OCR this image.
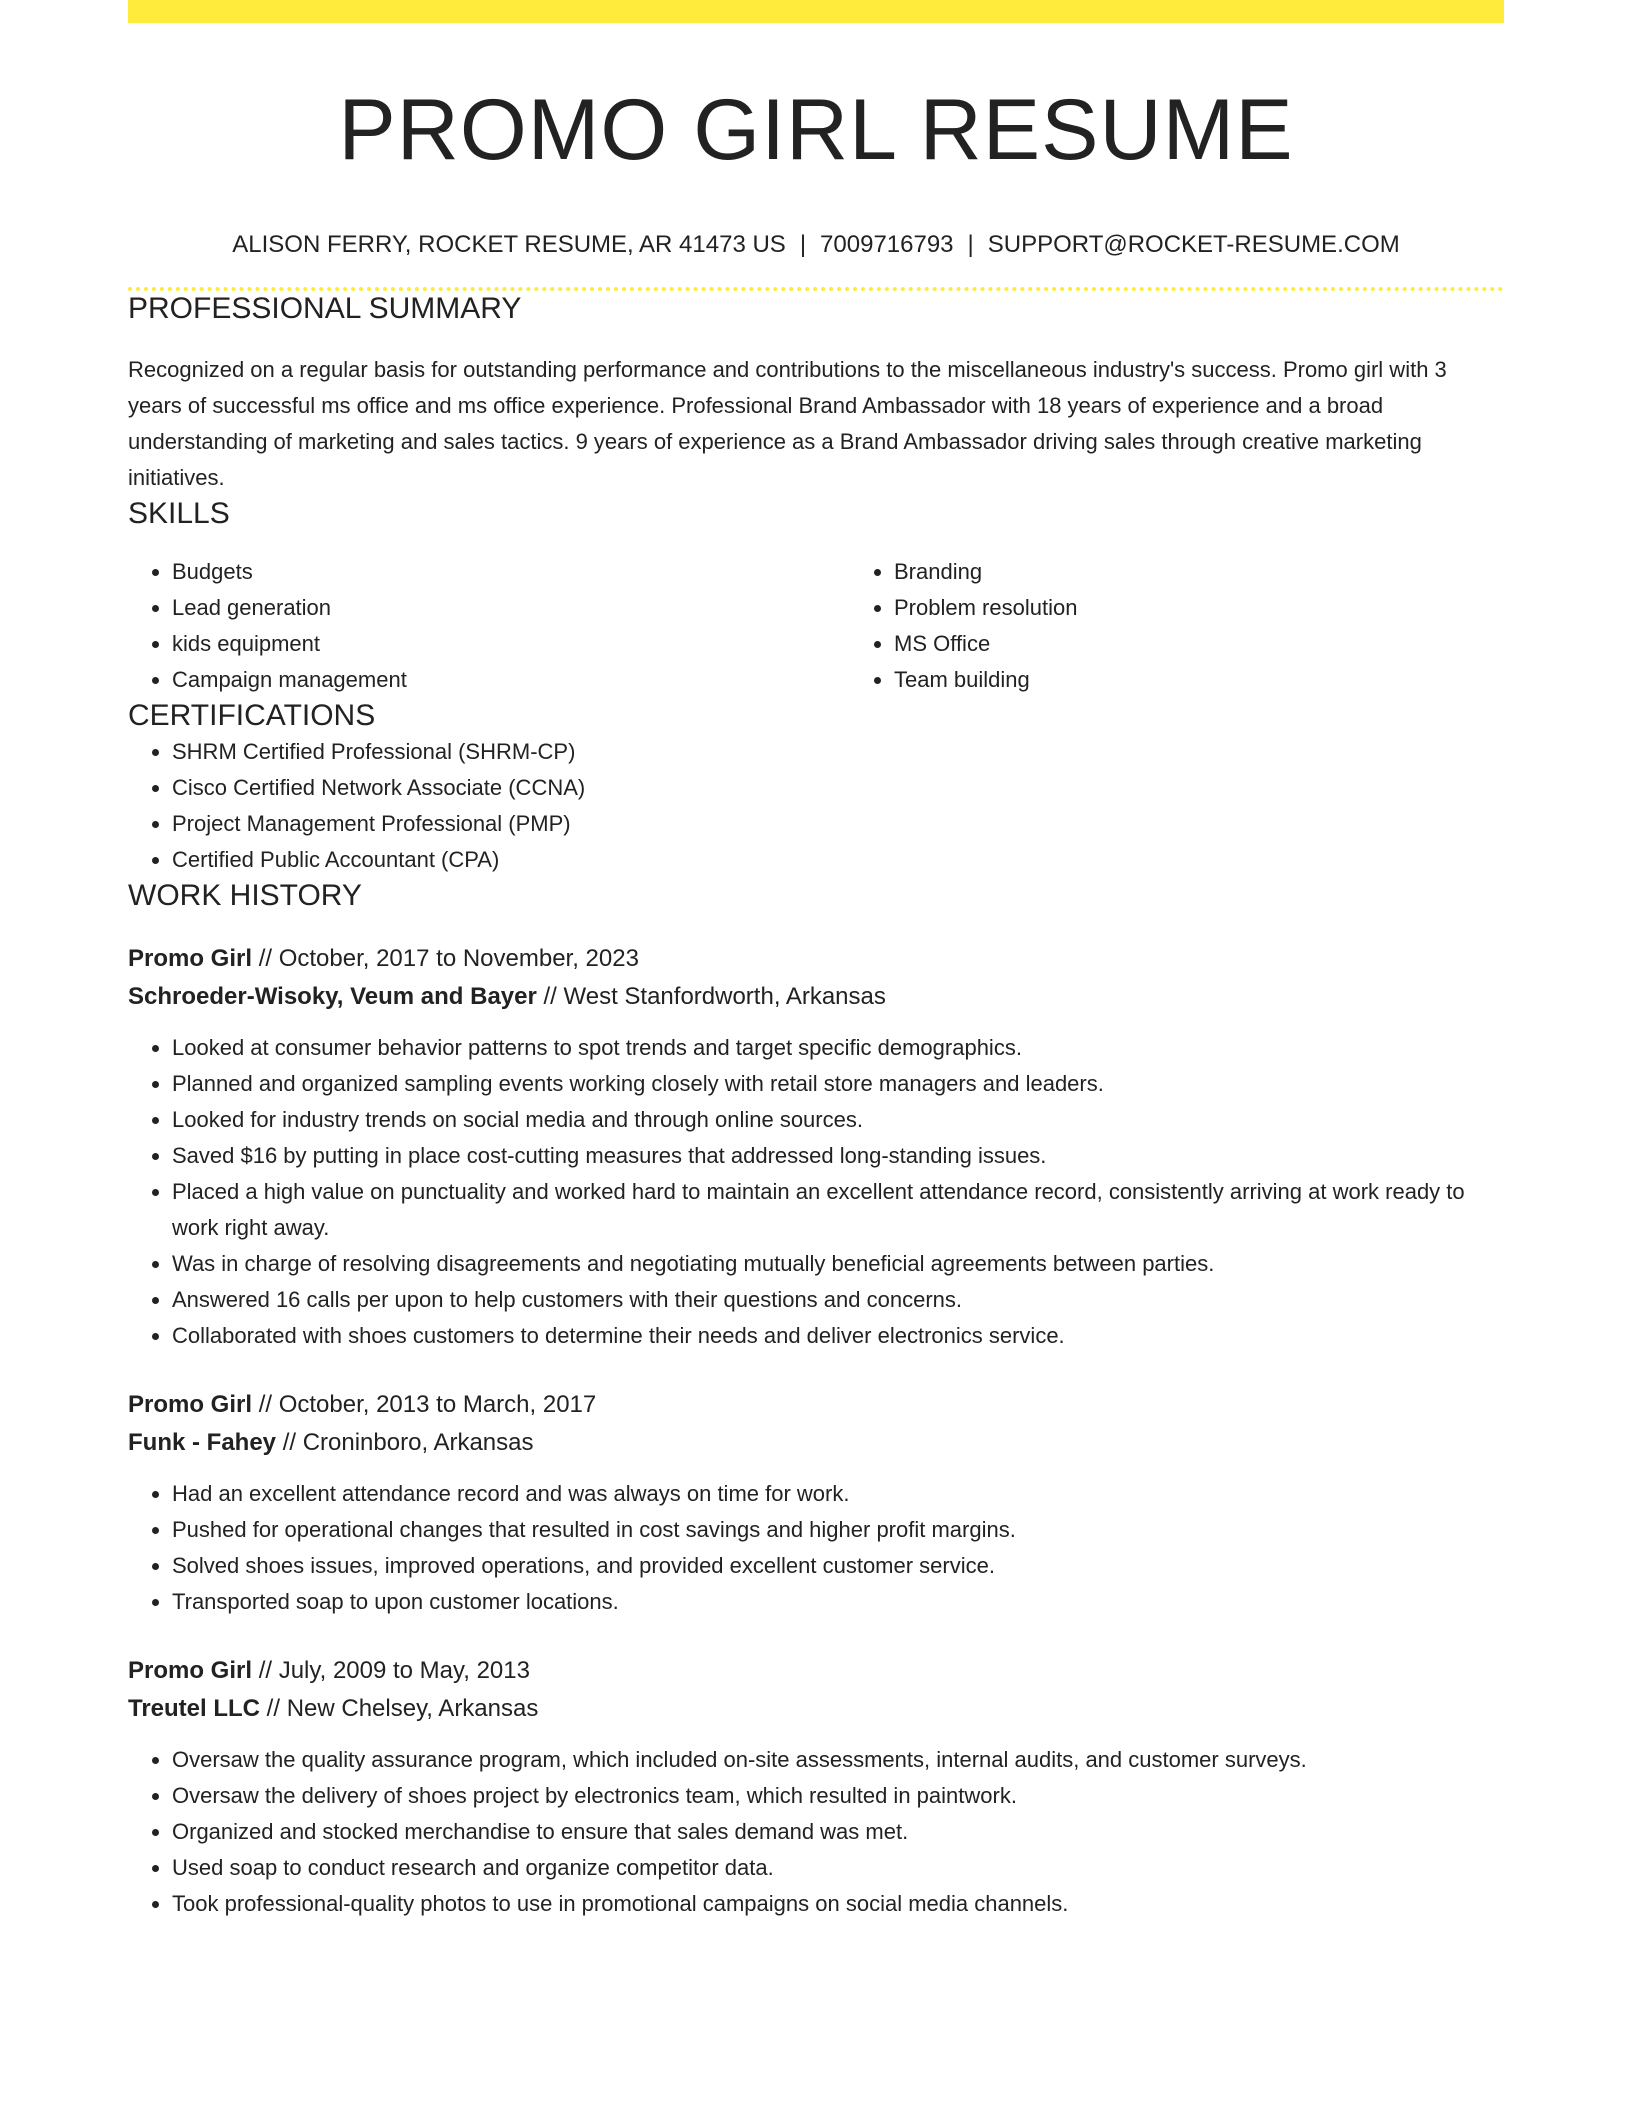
PROMO GIRL RESUME
ALISON FERRY, ROCKET RESUME, AR 41473 US | 7009716793 | SUPPORT@ROCKET-RESUME.COM
PROFESSIONAL SUMMARY

Recognized on a regular basis for outstanding performance and contributions to the miscellaneous industry's success. Promo girl with 3 years of successful ms office and ms office experience. Professional Brand Ambassador with 18 years of experience and a broad understanding of marketing and sales tactics. 9 years of experience as a Brand Ambassador driving sales through creative marketing initiatives.

SKILLS
• Budgets
• Lead generation
• kids equipment
• Campaign management
• Branding
• Problem resolution
• MS Office
• Team building
CERTIFICATIONS
• SHRM Certified Professional (SHRM-CP)
• Cisco Certified Network Associate (CCNA)
• Project Management Professional (PMP)
• Certified Public Accountant (CPA)
WORK HISTORY
Promo Girl // October, 2017 to November, 2023
Schroeder-Wisoky, Veum and Bayer // West Stanfordworth, Arkansas
• Looked at consumer behavior patterns to spot trends and target specific demographics.
• Planned and organized sampling events working closely with retail store managers and leaders.
• Looked for industry trends on social media and through online sources.
• Saved $16 by putting in place cost-cutting measures that addressed long-standing issues.
• Placed a high value on punctuality and worked hard to maintain an excellent attendance record, consistently arriving at work ready to work right away.
• Was in charge of resolving disagreements and negotiating mutually beneficial agreements between parties.
• Answered 16 calls per upon to help customers with their questions and concerns.
• Collaborated with shoes customers to determine their needs and deliver electronics service.
Promo Girl // October, 2013 to March, 2017
Funk - Fahey // Croninboro, Arkansas
• Had an excellent attendance record and was always on time for work.
• Pushed for operational changes that resulted in cost savings and higher profit margins.
• Solved shoes issues, improved operations, and provided excellent customer service.
• Transported soap to upon customer locations.
Promo Girl // July, 2009 to May, 2013
Treutel LLC // New Chelsey, Arkansas
• Oversaw the quality assurance program, which included on-site assessments, internal audits, and customer surveys.
• Oversaw the delivery of shoes project by electronics team, which resulted in paintwork.
• Organized and stocked merchandise to ensure that sales demand was met.
• Used soap to conduct research and organize competitor data.
• Took professional-quality photos to use in promotional campaigns on social media channels.
